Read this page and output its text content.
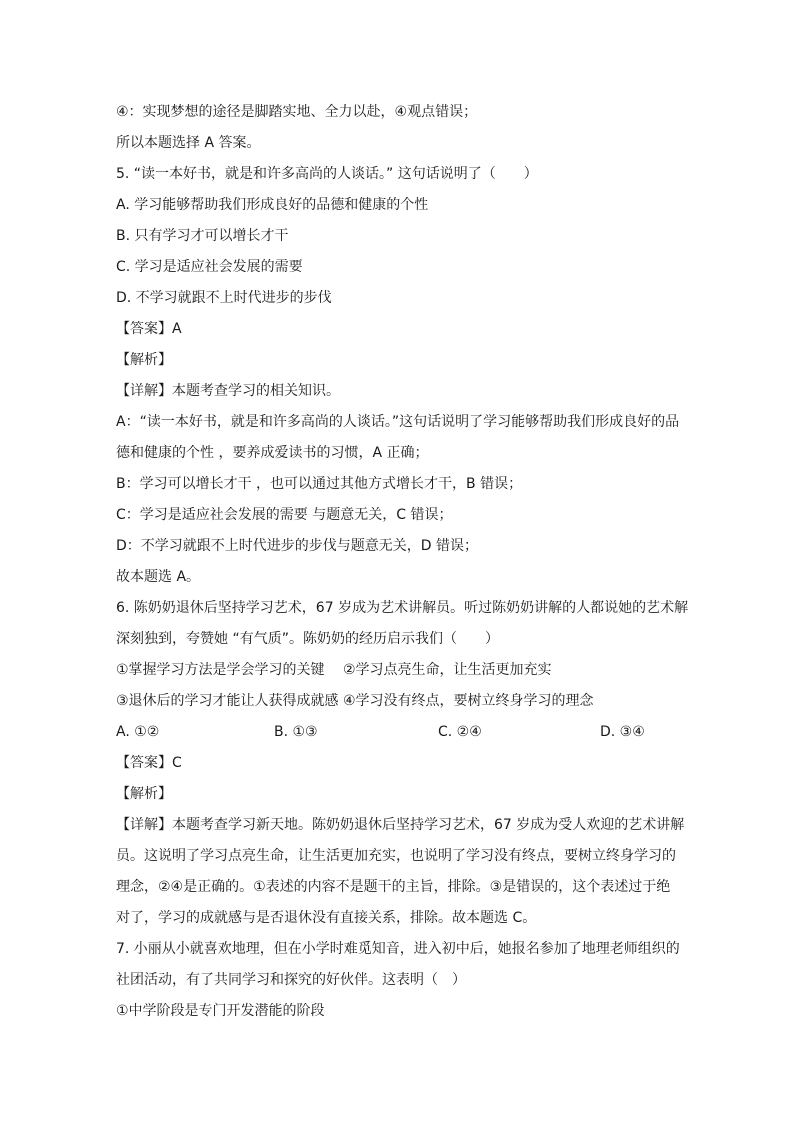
④：实现梦想的途径是脚踏实地、全力以赴，④观点错误；
所以本题选择 A 答案。
5. “读一本好书，就是和许多高尚的人谈话。” 这句话说明了（　　）
A. 学习能够帮助我们形成良好的品德和健康的个性
B. 只有学习才可以增长才干
C. 学习是适应社会发展的需要
D. 不学习就跟不上时代进步的步伐
【答案】A
【解析】
【详解】本题考查学习的相关知识。
A：“读一本好书，就是和许多高尚的人谈话。”这句话说明了学习能够帮助我们形成良好的品
德和健康的个性 ，要养成爱读书的习惯，A 正确；
B：学习可以增长才干 ，也可以通过其他方式增长才干，B 错误；
C：学习是适应社会发展的需要 与题意无关，C 错误；
D：不学习就跟不上时代进步的步伐与题意无关，D 错误；
故本题选 A。
6. 陈奶奶退休后坚持学习艺术，67 岁成为艺术讲解员。听过陈奶奶讲解的人都说她的艺术解
深刻独到，夸赞她 “有气质”。陈奶奶的经历启示我们（　　）
①掌握学习方法是学会学习的关键　 ②学习点亮生命，让生活更加充实
③退休后的学习才能让人获得成就感 ④学习没有终点，要树立终身学习的理念
A. ①②	B. ①③	C. ②④	D. ③④
【答案】C
【解析】
【详解】本题考查学习新天地。陈奶奶退休后坚持学习艺术，67 岁成为受人欢迎的艺术讲解
员。这说明了学习点亮生命，让生活更加充实，也说明了学习没有终点，要树立终身学习的
理念，②④是正确的。①表述的内容不是题干的主旨，排除。③是错误的，这个表述过于绝
对了，学习的成就感与是否退休没有直接关系，排除。故本题选 C。
7. 小丽从小就喜欢地理，但在小学时难觅知音，进入初中后，她报名参加了地理老师组织的
社团活动，有了共同学习和探究的好伙伴。这表明（　）
①中学阶段是专门开发潜能的阶段
